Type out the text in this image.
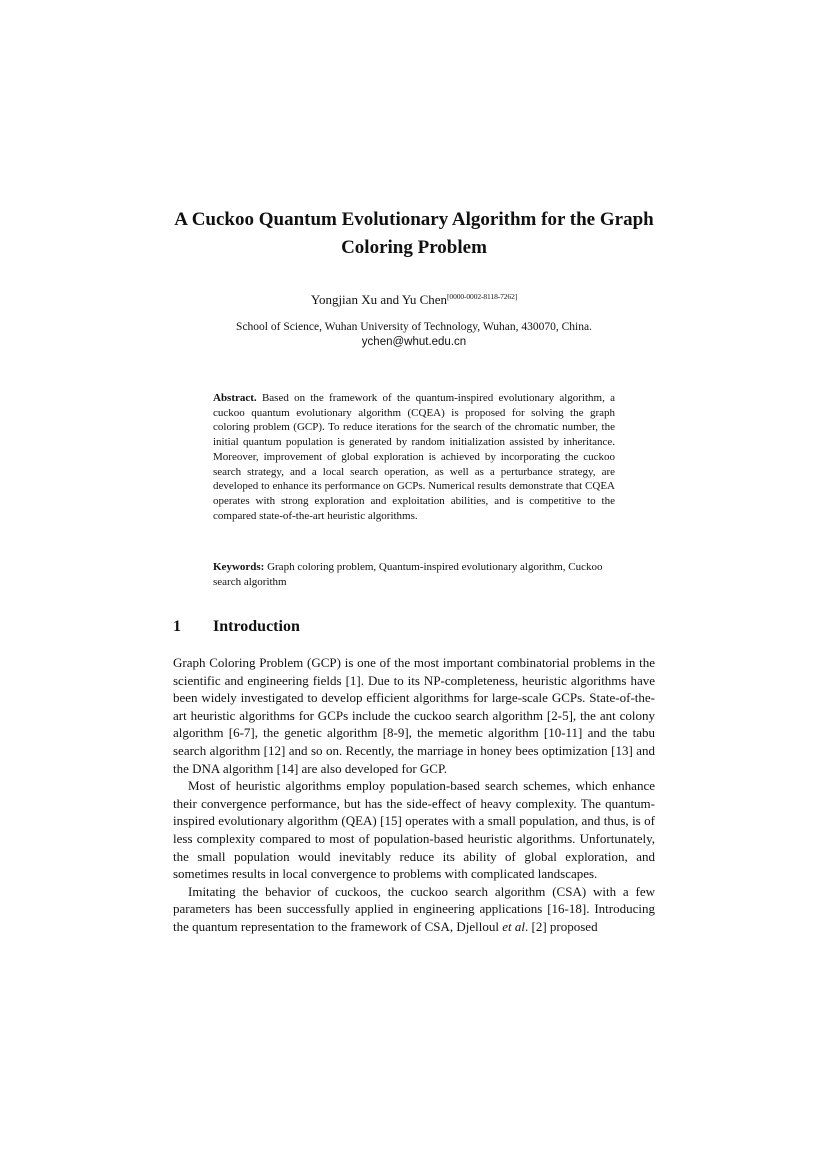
A Cuckoo Quantum Evolutionary Algorithm for the Graph Coloring Problem

Yongjian Xu and Yu Chen[0000-0002-8118-7262]

School of Science, Wuhan University of Technology, Wuhan, 430070, China.
ychen@whut.edu.cn

Abstract. Based on the framework of the quantum-inspired evolutionary algorithm, a cuckoo quantum evolutionary algorithm (CQEA) is proposed for solving the graph coloring problem (GCP). To reduce iterations for the search of the chromatic number, the initial quantum population is generated by random initialization assisted by inheritance. Moreover, improvement of global exploration is achieved by incorporating the cuckoo search strategy, and a local search operation, as well as a perturbance strategy, are developed to enhance its performance on GCPs. Numerical results demonstrate that CQEA operates with strong exploration and exploitation abilities, and is competitive to the compared state-of-the-art heuristic algorithms.

Keywords: Graph coloring problem, Quantum-inspired evolutionary algorithm, Cuckoo search algorithm

1 Introduction

Graph Coloring Problem (GCP) is one of the most important combinatorial problems in the scientific and engineering fields [1]. Due to its NP-completeness, heuristic algorithms have been widely investigated to develop efficient algorithms for large-scale GCPs. State-of-the-art heuristic algorithms for GCPs include the cuckoo search algorithm [2-5], the ant colony algorithm [6-7], the genetic algorithm [8-9], the memetic algorithm [10-11] and the tabu search algorithm [12] and so on. Recently, the marriage in honey bees optimization [13] and the DNA algorithm [14] are also developed for GCP.

Most of heuristic algorithms employ population-based search schemes, which enhance their convergence performance, but has the side-effect of heavy complexity. The quantum-inspired evolutionary algorithm (QEA) [15] operates with a small population, and thus, is of less complexity compared to most of population-based heuristic algorithms. Unfortunately, the small population would inevitably reduce its ability of global exploration, and sometimes results in local convergence to problems with complicated landscapes.

Imitating the behavior of cuckoos, the cuckoo search algorithm (CSA) with a few parameters has been successfully applied in engineering applications [16-18]. Introducing the quantum representation to the framework of CSA, Djelloul et al. [2] proposed
